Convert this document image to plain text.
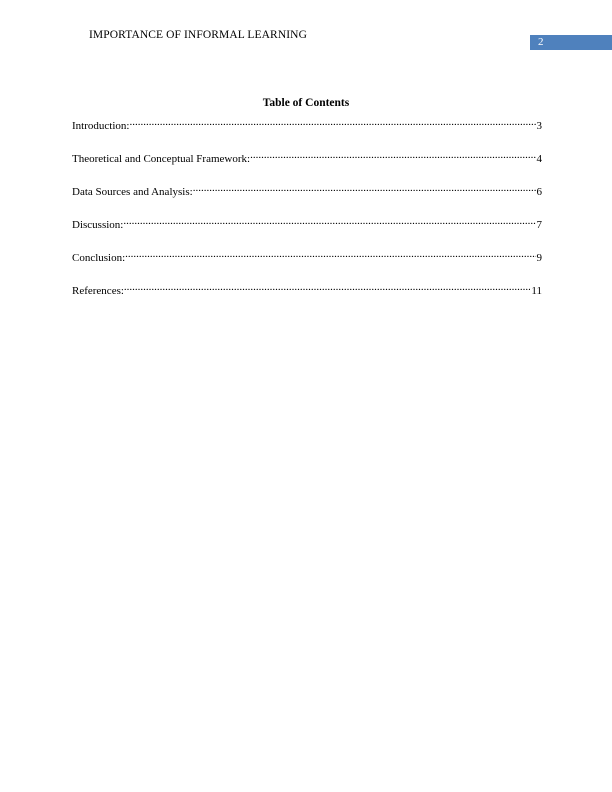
IMPORTANCE OF INFORMAL LEARNING
2
Table of Contents
Introduction: .....	3
Theoretical and Conceptual Framework: .....	4
Data Sources and Analysis: .....	6
Discussion: .....	7
Conclusion: .....	9
References: .....	11
